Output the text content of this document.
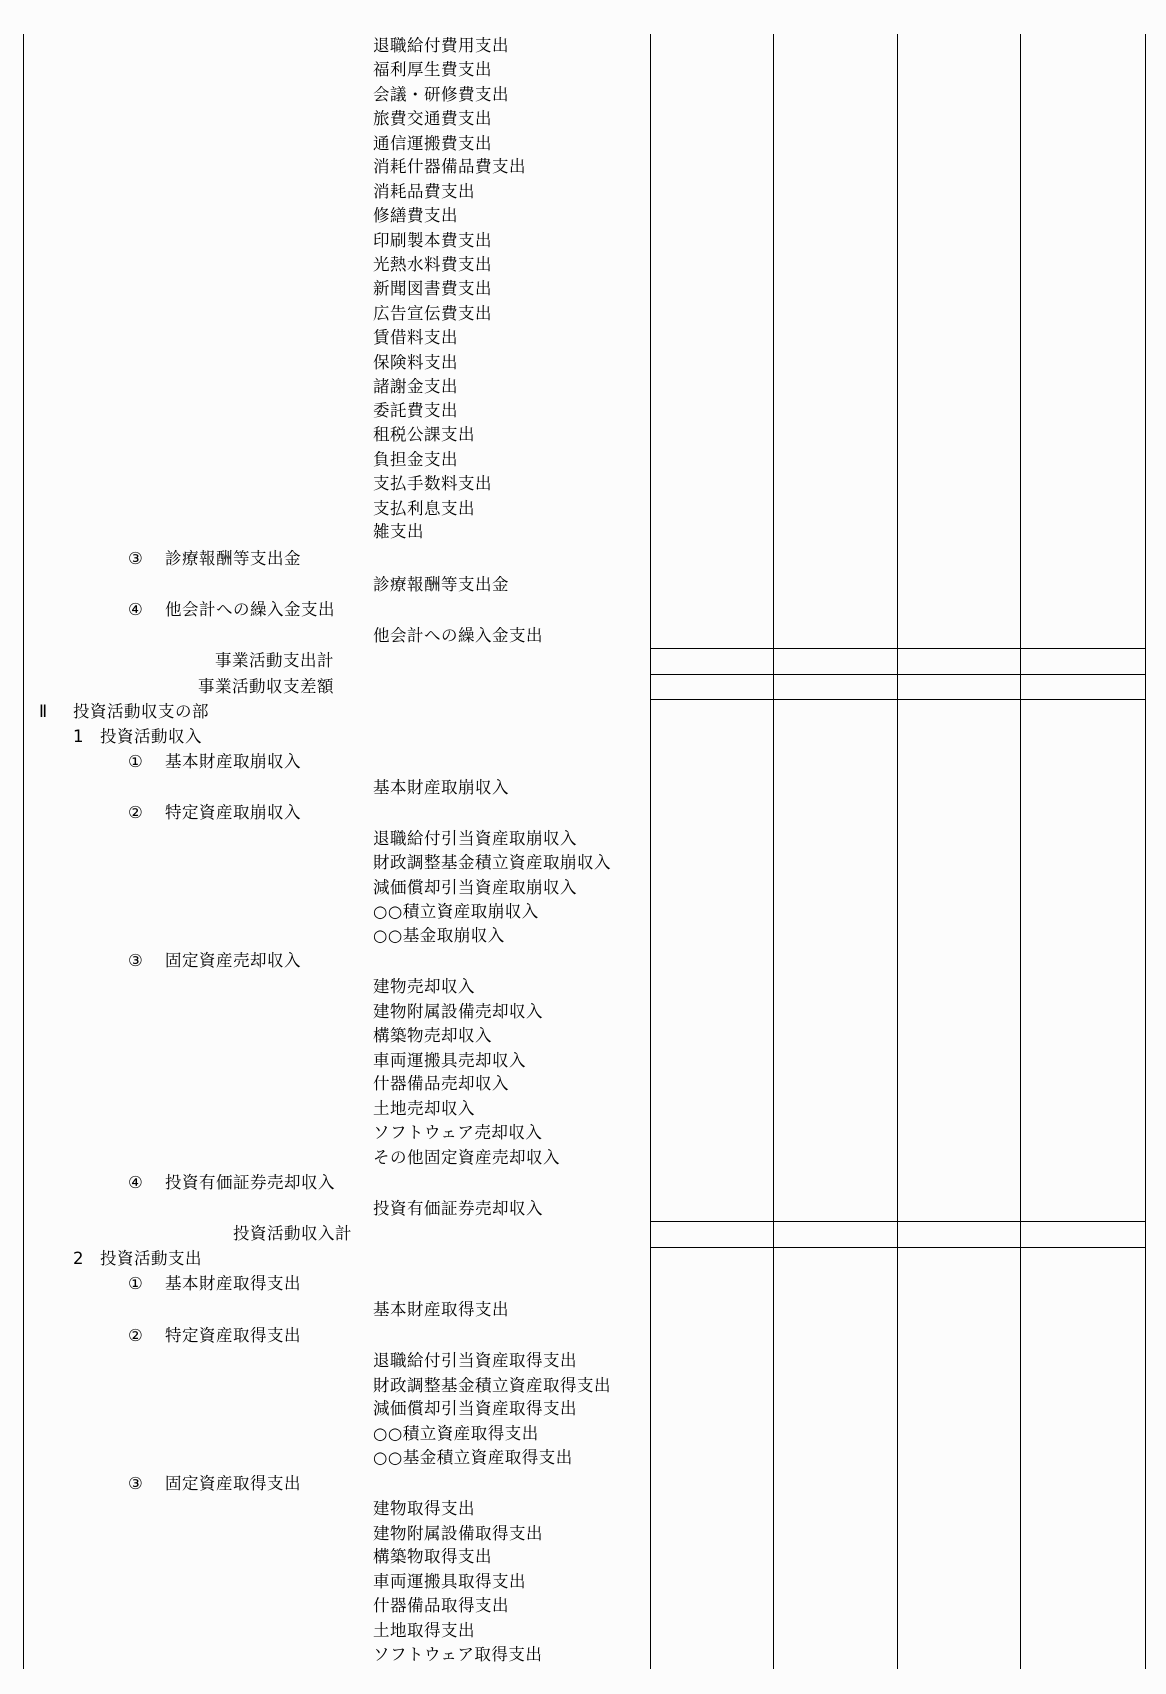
退職給付費用支出
福利厚生費支出
会議・研修費支出
旅費交通費支出
通信運搬費支出
消耗什器備品費支出
消耗品費支出
修繕費支出
印刷製本費支出
光熱水料費支出
新聞図書費支出
広告宣伝費支出
賃借料支出
保険料支出
諸謝金支出
委託費支出
租税公課支出
負担金支出
支払手数料支出
支払利息支出
雑支出
③ 診療報酬等支出金
診療報酬等支出金
④ 他会計への繰入金支出
他会計への繰入金支出
事業活動支出計
事業活動収支差額
Ⅱ 投資活動収支の部
1 投資活動収入
① 基本財産取崩収入
基本財産取崩収入
② 特定資産取崩収入
退職給付引当資産取崩収入
財政調整基金積立資産取崩収入
減価償却引当資産取崩収入
○○積立資産取崩収入
○○基金取崩収入
③ 固定資産売却収入
建物売却収入
建物附属設備売却収入
構築物売却収入
車両運搬具売却収入
什器備品売却収入
土地売却収入
ソフトウェア売却収入
その他固定資産売却収入
④ 投資有価証券売却収入
投資有価証券売却収入
投資活動収入計
2 投資活動支出
① 基本財産取得支出
基本財産取得支出
② 特定資産取得支出
退職給付引当資産取得支出
財政調整基金積立資産取得支出
減価償却引当資産取得支出
○○積立資産取得支出
○○基金積立資産取得支出
③ 固定資産取得支出
建物取得支出
建物附属設備取得支出
構築物取得支出
車両運搬具取得支出
什器備品取得支出
土地取得支出
ソフトウェア取得支出
